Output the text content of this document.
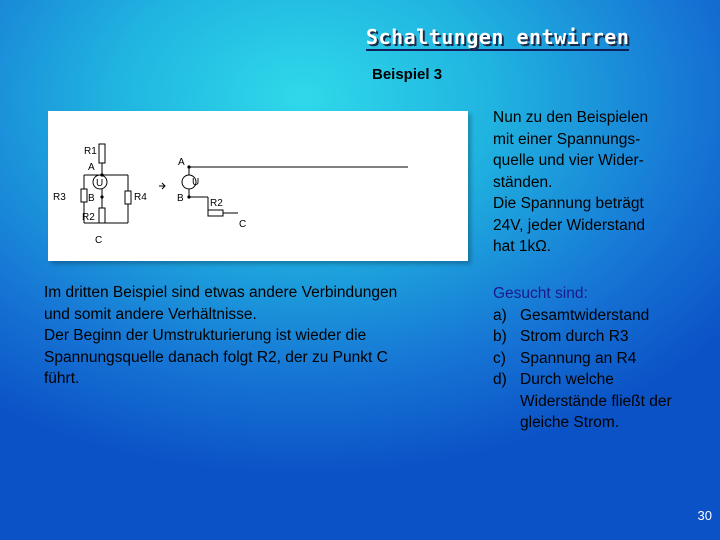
Schaltungen entwirren
Beispiel 3
R1
A
U
R3 B	R4
R2
C
A
U
B	R2
C
Nun zu den Beispielen
mit einer Spannungs-
quelle und vier Wider-
ständen.
Die Spannung beträgt
24V, jeder Widerstand
hat 1kΩ.

Im dritten Beispiel sind etwas andere Verbindungen

und somit andere Verhältnisse.

Der Beginn der Umstrukturierung ist wieder die

Spannungsquelle danach folgt R2, der zu Punkt C

führt.

Gesucht sind:
a) Gesamtwiderstand
b) Strom durch R3
c) Spannung an R4
d) Durch welche Widerstände fließt der gleiche Strom.
30
